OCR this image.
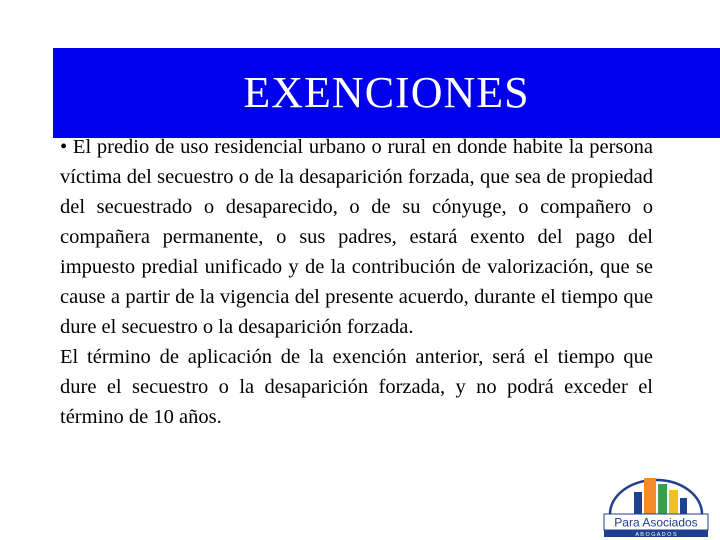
EXENCIONES

• El predio de uso residencial urbano o rural en donde habite la persona víctima del secuestro o de la desaparición forzada, que sea de propiedad del secuestrado o desaparecido, o de su cónyuge, o compañero o compañera permanente, o sus padres, estará exento del pago del impuesto predial unificado y de la contribución de valorización, que se cause a partir de la vigencia del presente acuerdo, durante el tiempo que dure el secuestro o la desaparición forzada.

El término de aplicación de la exención anterior, será el tiempo que dure el secuestro o la desaparición forzada, y no podrá exceder el término de 10 años.

Para Asociados
A B O G A D O S
